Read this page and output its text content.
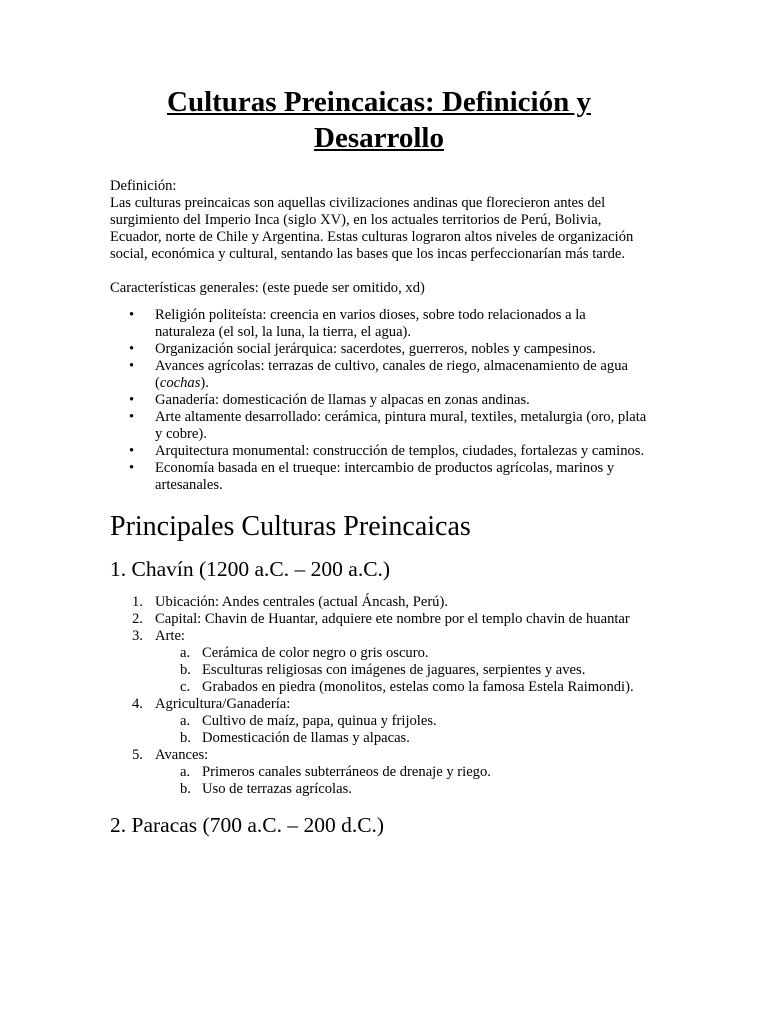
Culturas Preincaicas: Definición y
Desarrollo

Definición:

Las culturas preincaicas son aquellas civilizaciones andinas que florecieron antes del surgimiento del Imperio Inca (siglo XV), en los actuales territorios de Perú, Bolivia, Ecuador, norte de Chile y Argentina. Estas culturas lograron altos niveles de organización social, económica y cultural, sentando las bases que los incas perfeccionarían más tarde.

Características generales: (este puede ser omitido, xd)

• Religión politeísta: creencia en varios dioses, sobre todo relacionados a la naturaleza (el sol, la luna, la tierra, el agua).
• Organización social jerárquica: sacerdotes, guerreros, nobles y campesinos.
• Avances agrícolas: terrazas de cultivo, canales de riego, almacenamiento de agua (cochas).
• Ganadería: domesticación de llamas y alpacas en zonas andinas.
• Arte altamente desarrollado: cerámica, pintura mural, textiles, metalurgia (oro, plata y cobre).
• Arquitectura monumental: construcción de templos, ciudades, fortalezas y caminos.
• Economía basada en el trueque: intercambio de productos agrícolas, marinos y artesanales.
Principales Culturas Preincaicas
1. Chavín (1200 a.C. – 200 a.C.)
1. Ubicación: Andes centrales (actual Áncash, Perú).
2. Capital: Chavin de Huantar, adquiere ete nombre por el templo chavin de huantar
3. Arte:
a. Cerámica de color negro o gris oscuro.
b. Esculturas religiosas con imágenes de jaguares, serpientes y aves.
c. Grabados en piedra (monolitos, estelas como la famosa Estela Raimondi).
4. Agricultura/Ganadería:
a. Cultivo de maíz, papa, quinua y frijoles.
b. Domesticación de llamas y alpacas.
5. Avances:
a. Primeros canales subterráneos de drenaje y riego.
b. Uso de terrazas agrícolas.
2. Paracas (700 a.C. – 200 d.C.)
